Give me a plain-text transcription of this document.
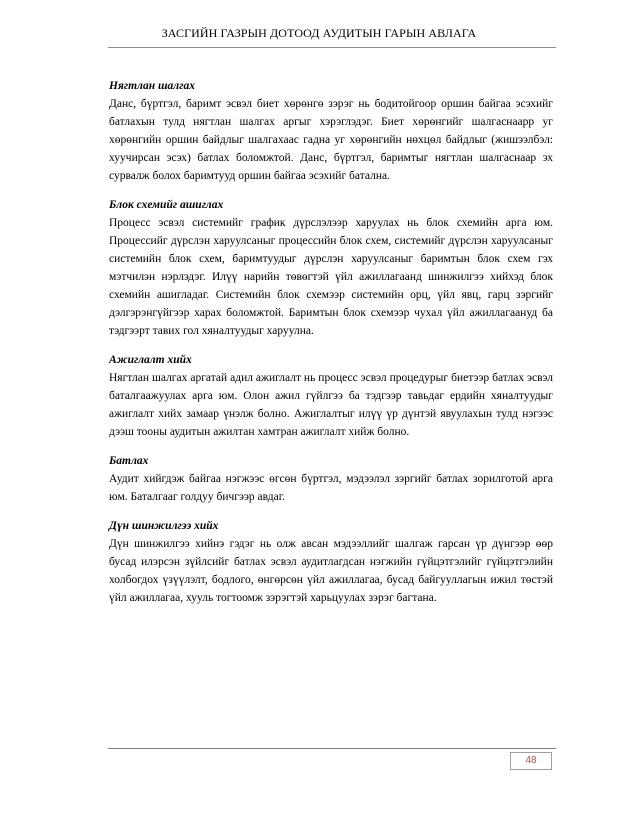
ЗАСГИЙН ГАЗРЫН ДОТООД АУДИТЫН ГАРЫН АВЛАГА

Нягтлан шалгах

Данс, бүртгэл, баримт эсвэл биет хөрөнгө зэрэг нь бодитойгоор оршин байгаа эсэхийг батлахын тулд нягтлан шалгах аргыг хэрэглэдэг. Биет хөрөнгийг шалгаснаарр уг хөрөнгийн оршин байдлыг шалгахаас гадна уг хөрөнгийн нөхцөл байдлыг (жишээлбэл: хуучирсан эсэх) батлах боломжтой. Данс, бүртгэл, баримтыг нягтлан шалгаснаар эх сурвалж болох баримтууд оршин байгаа эсэхийг батална.

Блок схемийг ашиглах

Процесс эсвэл системийг график дүрслэлээр харуулах нь блок схемийн арга юм. Процессийг дүрслэн харуулсаныг процессийн блок схем, системийг дүрслэн харуулсаныг системийн блок схем, баримтуудыг дүрслэн харуулсаныг баримтын блок схем гэх мэтчилэн нэрлэдэг. Илүү нарийн төвөгтэй үйл ажиллагаанд шинжилгээ хийхэд блок схемийн ашигладаг. Системийн блок схемээр системийн орц, үйл явц, гарц зэргийг дэлгэрэнгүйгээр харах боломжтой. Баримтын блок схемээр чухал үйл ажиллагаануд ба тэдгээрт тавих гол хяналтуудыг харуулна.

Ажиглалт хийх

Нягтлан шалгах аргатай адил ажиглалт нь процесс эсвэл процедурыг биетээр батлах эсвэл баталгаажуулах арга юм. Олон ажил гүйлгээ ба тэдгээр тавьдаг ердийн хяналтуудыг ажиглалт хийх замаар үнэлж болно. Ажиглалтыг илүү үр дүнтэй явуулахын тулд нэгээс дээш тооны аудитын ажилтан хамтран ажиглалт хийж болно.

Батлах

Аудит хийгдэж байгаа нэгжээс өгсөн бүртгэл, мэдээлэл зэргийг батлах зорилготой арга юм. Баталгааг голдуу бичгээр авдаг.

Дүн шинжилгээ хийх

Дүн шинжилгээ хийнэ гэдэг нь олж авсан мэдээллийг шалгаж гарсан үр дүнгээр өөр бусад илэрсэн зүйлсийг батлах эсвэл аудитлагдсан нэгжийн гүйцэтгэлийг гүйцэтгэлийн холбогдох үзүүлэлт, бодлого, өнгөрсөн үйл ажиллагаа, бусад байгууллагын ижил төстэй үйл ажиллагаа, хууль тогтоомж зэрэгтэй харьцуулах зэрэг багтана.

48
